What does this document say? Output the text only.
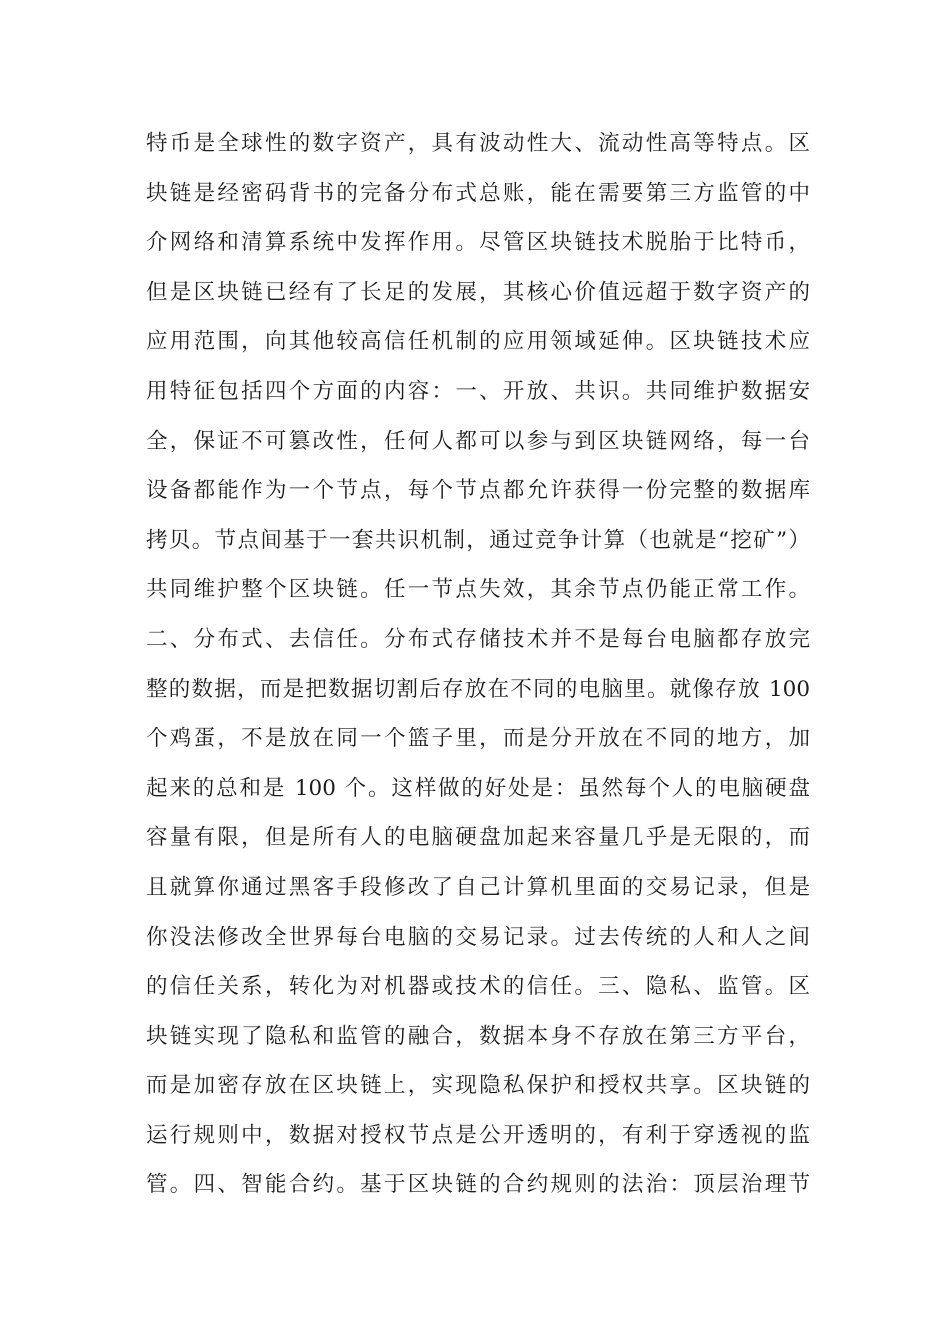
特币是全球性的数字资产，具有波动性大、流动性高等特点。区
块链是经密码背书的完备分布式总账，能在需要第三方监管的中
介网络和清算系统中发挥作用。尽管区块链技术脱胎于比特币，
但是区块链已经有了长足的发展，其核心价值远超于数字资产的
应用范围，向其他较高信任机制的应用领域延伸。区块链技术应
用特征包括四个方面的内容：一、开放、共识。共同维护数据安
全，保证不可篡改性，任何人都可以参与到区块链网络，每一台
设备都能作为一个节点，每个节点都允许获得一份完整的数据库
拷贝。节点间基于一套共识机制，通过竞争计算（也就是“挖矿”）
共同维护整个区块链。任一节点失效，其余节点仍能正常工作。
二、分布式、去信任。分布式存储技术并不是每台电脑都存放完
整的数据，而是把数据切割后存放在不同的电脑里。就像存放 100
个鸡蛋，不是放在同一个篮子里，而是分开放在不同的地方，加
起来的总和是 100 个。这样做的好处是：虽然每个人的电脑硬盘
容量有限，但是所有人的电脑硬盘加起来容量几乎是无限的，而
且就算你通过黑客手段修改了自己计算机里面的交易记录，但是
你没法修改全世界每台电脑的交易记录。过去传统的人和人之间
的信任关系，转化为对机器或技术的信任。三、隐私、监管。区
块链实现了隐私和监管的融合，数据本身不存放在第三方平台，
而是加密存放在区块链上，实现隐私保护和授权共享。区块链的
运行规则中，数据对授权节点是公开透明的，有利于穿透视的监
管。四、智能合约。基于区块链的合约规则的法治：顶层治理节
